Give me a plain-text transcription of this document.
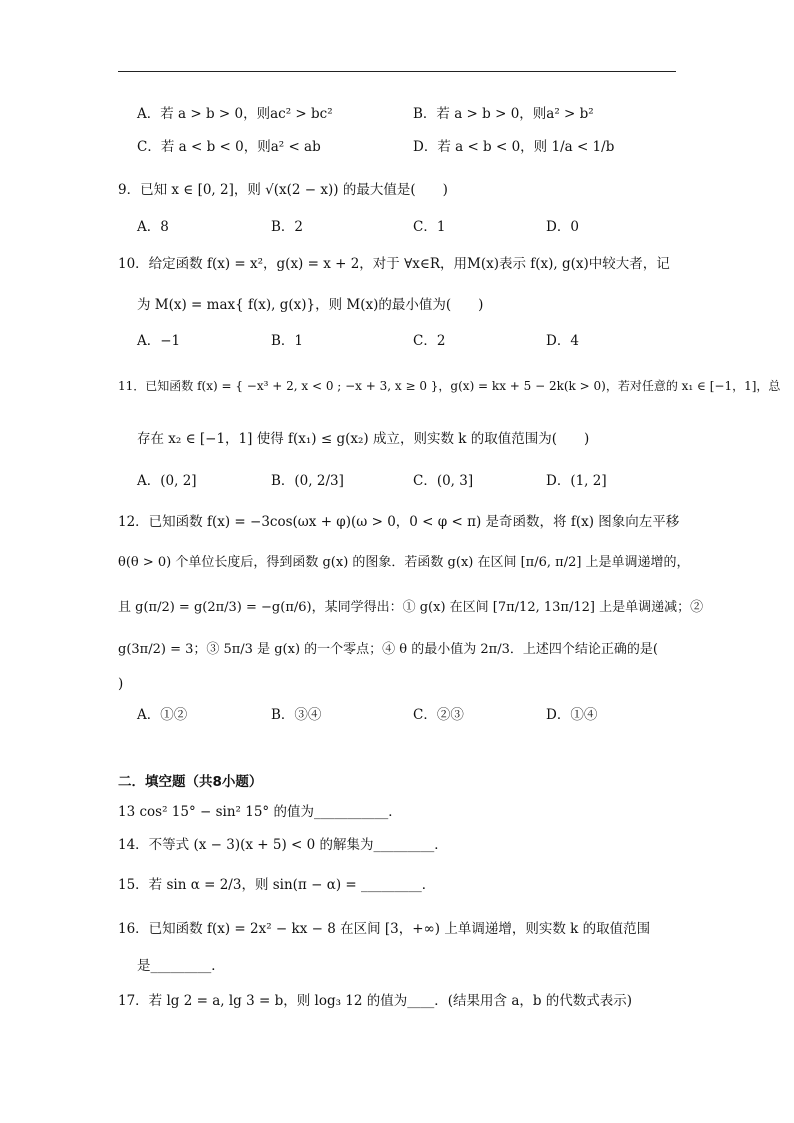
A．若 a > b > 0，则ac² > bc²	B．若 a > b > 0，则a² > b²
C．若 a < b < 0，则a² < ab	D．若 a < b < 0，则 1/a < 1/b
9．已知 x ∈ [0, 2]，则 √(x(2 − x)) 的最大值是(　　)
A．8	B．2	C．1	D．0
10．给定函数 f(x) = x²，g(x) = x + 2，对于 ∀x∈R，用M(x)表示 f(x), g(x)中较大者，记
为 M(x) = max{ f(x), g(x)}，则 M(x)的最小值为(　　)
A．−1	B．1	C．2	D．4
11．已知函数 f(x) = { −x³ + 2, x < 0 ; −x + 3, x ≥ 0 }，g(x) = kx + 5 − 2k(k > 0)，若对任意的 x₁ ∈ [−1，1]，总
存在 x₂ ∈ [−1，1] 使得 f(x₁) ≤ g(x₂) 成立，则实数 k 的取值范围为(　　)
A．(0, 2]	B．(0, 2/3]	C．(0, 3]	D．(1, 2]
12．已知函数 f(x) = −3cos(ωx + φ)(ω > 0，0 < φ < π) 是奇函数，将 f(x) 图象向左平移
θ(θ > 0) 个单位长度后，得到函数 g(x) 的图象．若函数 g(x) 在区间 [π/6, π/2] 上是单调递增的，
且 g(π/2) = g(2π/3) = −g(π/6)，某同学得出：① g(x) 在区间 [7π/12, 13π/12] 上是单调递减；②
g(3π/2) = 3；③ 5π/3 是 g(x) 的一个零点；④ θ 的最小值为 2π/3．上述四个结论正确的是(
)
A．①②	B．③④	C．②③	D．①④
二．填空题（共8小题）
13 cos² 15° − sin² 15° 的值为___________．
14．不等式 (x − 3)(x + 5) < 0 的解集为_________．
15．若 sin α = 2/3，则 sin(π − α) = _________．
16．已知函数 f(x) = 2x² − kx − 8 在区间 [3，+∞) 上单调递增，则实数 k 的取值范围
是_________．
17．若 lg 2 = a, lg 3 = b，则 log₃ 12 的值为____．(结果用含 a，b 的代数式表示)
